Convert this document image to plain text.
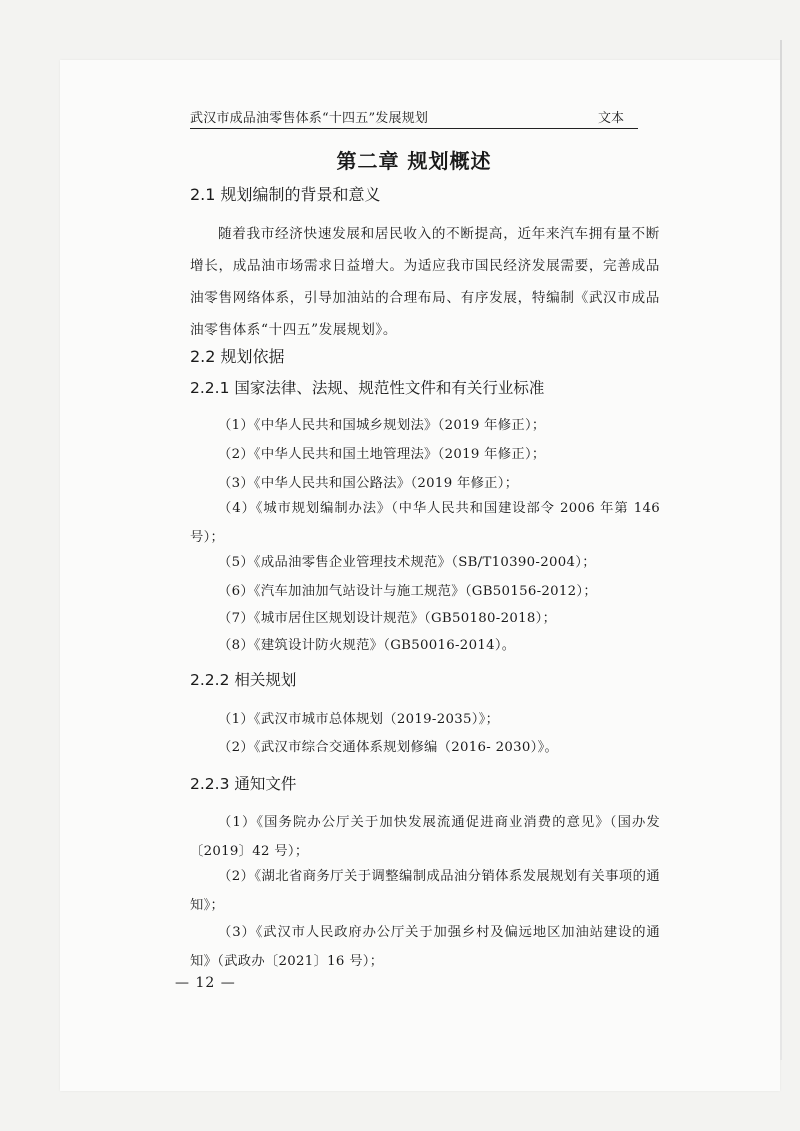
武汉市成品油零售体系“十四五”发展规划	文本
第二章 规划概述
2.1 规划编制的背景和意义
随着我市经济快速发展和居民收入的不断提高，近年来汽车拥有量不断增长，成品油市场需求日益增大。为适应我市国民经济发展需要，完善成品油零售网络体系，引导加油站的合理布局、有序发展，特编制《武汉市成品油零售体系“十四五”发展规划》。
2.2 规划依据
2.2.1 国家法律、法规、规范性文件和有关行业标准
（1）《中华人民共和国城乡规划法》（2019 年修正）；
（2）《中华人民共和国土地管理法》（2019 年修正）；
（3）《中华人民共和国公路法》（2019 年修正）；
（4）《城市规划编制办法》（中华人民共和国建设部令 2006 年第 146 号）；
（5）《成品油零售企业管理技术规范》（SB/T10390-2004）；
（6）《汽车加油加气站设计与施工规范》（GB50156-2012）；
（7）《城市居住区规划设计规范》（GB50180-2018）；
（8）《建筑设计防火规范》（GB50016-2014）。
2.2.2 相关规划
（1）《武汉市城市总体规划（2019-2035）》；
（2）《武汉市综合交通体系规划修编（2016- 2030）》。
2.2.3 通知文件
（1）《国务院办公厅关于加快发展流通促进商业消费的意见》（国办发〔2019〕42 号）；
（2）《湖北省商务厅关于调整编制成品油分销体系发展规划有关事项的通知》；
（3）《武汉市人民政府办公厅关于加强乡村及偏远地区加油站建设的通知》（武政办〔2021〕16 号）；
— 12 —
